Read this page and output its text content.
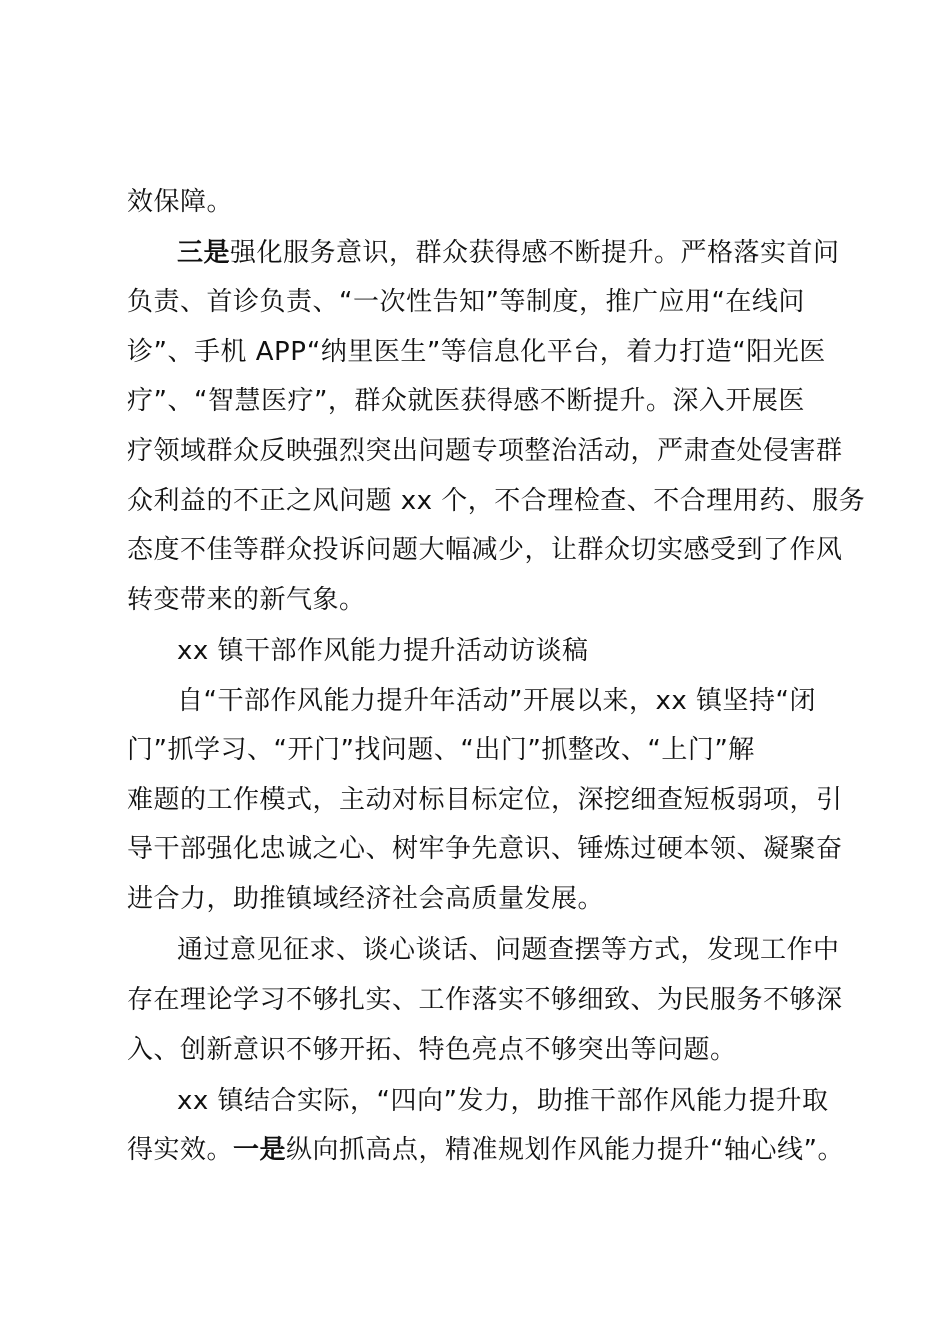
效保障。
三是强化服务意识，群众获得感不断提升。严格落实首问
负责、首诊负责、“一次性告知”等制度，推广应用“在线问
诊”、手机 APP“纳里医生”等信息化平台，着力打造“阳光医
疗”、“智慧医疗”，群众就医获得感不断提升。深入开展医
疗领域群众反映强烈突出问题专项整治活动，严肃查处侵害群
众利益的不正之风问题 xx 个，不合理检查、不合理用药、服务
态度不佳等群众投诉问题大幅减少，让群众切实感受到了作风
转变带来的新气象。
xx 镇干部作风能力提升活动访谈稿
自“干部作风能力提升年活动”开展以来，xx 镇坚持“闭
门”抓学习、“开门”找问题、“出门”抓整改、“上门”解
难题的工作模式，主动对标目标定位，深挖细查短板弱项，引
导干部强化忠诚之心、树牢争先意识、锤炼过硬本领、凝聚奋
进合力，助推镇域经济社会高质量发展。
通过意见征求、谈心谈话、问题查摆等方式，发现工作中
存在理论学习不够扎实、工作落实不够细致、为民服务不够深
入、创新意识不够开拓、特色亮点不够突出等问题。
xx 镇结合实际，“四向”发力，助推干部作风能力提升取
得实效。一是纵向抓高点，精准规划作风能力提升“轴心线”。
